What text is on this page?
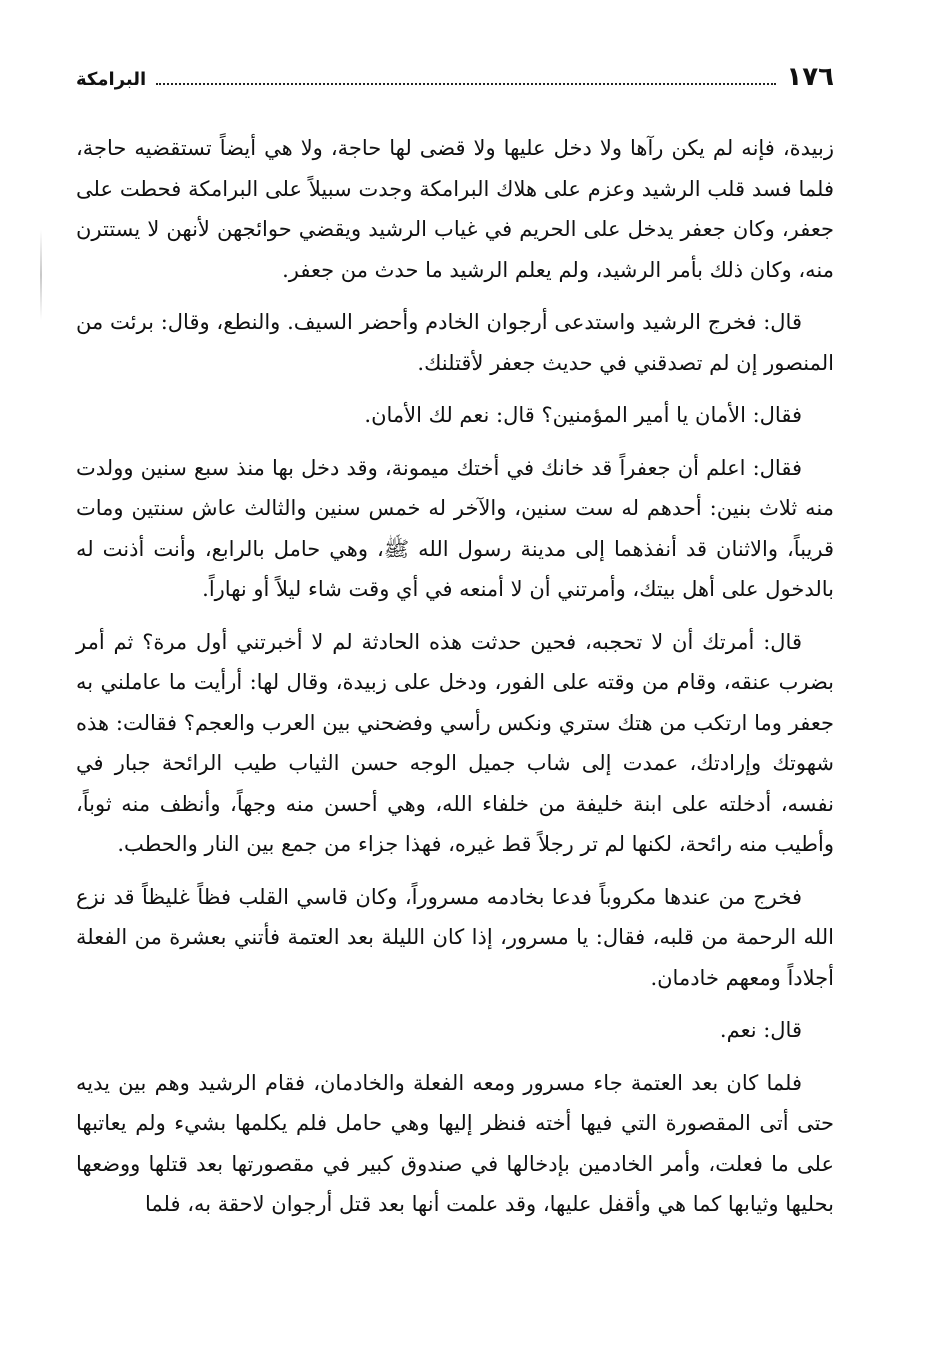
١٧٦
البرامكة

زبيدة، فإنه لم يكن رآها ولا دخل عليها ولا قضى لها حاجة، ولا هي أيضاً تستقضيه حاجة، فلما فسد قلب الرشيد وعزم على هلاك البرامكة وجدت سبيلاً على البرامكة فحطت على جعفر، وكان جعفر يدخل على الحريم في غياب الرشيد ويقضي حوائجهن لأنهن لا يستترن منه، وكان ذلك بأمر الرشيد، ولم يعلم الرشيد ما حدث من جعفر.

قال: فخرج الرشيد واستدعى أرجوان الخادم وأحضر السيف. والنطع، وقال: برئت من المنصور إن لم تصدقني في حديث جعفر لأقتلنك.

فقال: الأمان يا أمير المؤمنين؟ قال: نعم لك الأمان.

فقال: اعلم أن جعفراً قد خانك في أختك ميمونة، وقد دخل بها منذ سبع سنين وولدت منه ثلاث بنين: أحدهم له ست سنين، والآخر له خمس سنين والثالث عاش سنتين ومات قريباً، والاثنان قد أنفذهما إلى مدينة رسول الله ﷺ، وهي حامل بالرابع، وأنت أذنت له بالدخول على أهل بيتك، وأمرتني أن لا أمنعه في أي وقت شاء ليلاً أو نهاراً.

قال: أمرتك أن لا تحجبه، فحين حدثت هذه الحادثة لم لا أخبرتني أول مرة؟ ثم أمر بضرب عنقه، وقام من وقته على الفور، ودخل على زبيدة، وقال لها: أرأيت ما عاملني به جعفر وما ارتكب من هتك ستري ونكس رأسي وفضحني بين العرب والعجم؟ فقالت: هذه شهوتك وإرادتك، عمدت إلى شاب جميل الوجه حسن الثياب طيب الرائحة جبار في نفسه، أدخلته على ابنة خليفة من خلفاء الله، وهي أحسن منه وجهاً، وأنظف منه ثوباً، وأطيب منه رائحة، لكنها لم تر رجلاً قط غيره، فهذا جزاء من جمع بين النار والحطب.

فخرج من عندها مكروباً فدعا بخادمه مسروراً، وكان قاسي القلب فظاً غليظاً قد نزع الله الرحمة من قلبه، فقال: يا مسرور، إذا كان الليلة بعد العتمة فأتني بعشرة من الفعلة أجلاداً ومعهم خادمان.

قال: نعم.

فلما كان بعد العتمة جاء مسرور ومعه الفعلة والخادمان، فقام الرشيد وهم بين يديه حتى أتى المقصورة التي فيها أخته فنظر إليها وهي حامل فلم يكلمها بشيء ولم يعاتبها على ما فعلت، وأمر الخادمين بإدخالها في صندوق كبير في مقصورتها بعد قتلها ووضعها بحليها وثيابها كما هي وأقفل عليها، وقد علمت أنها بعد قتل أرجوان لاحقة به، فلما
